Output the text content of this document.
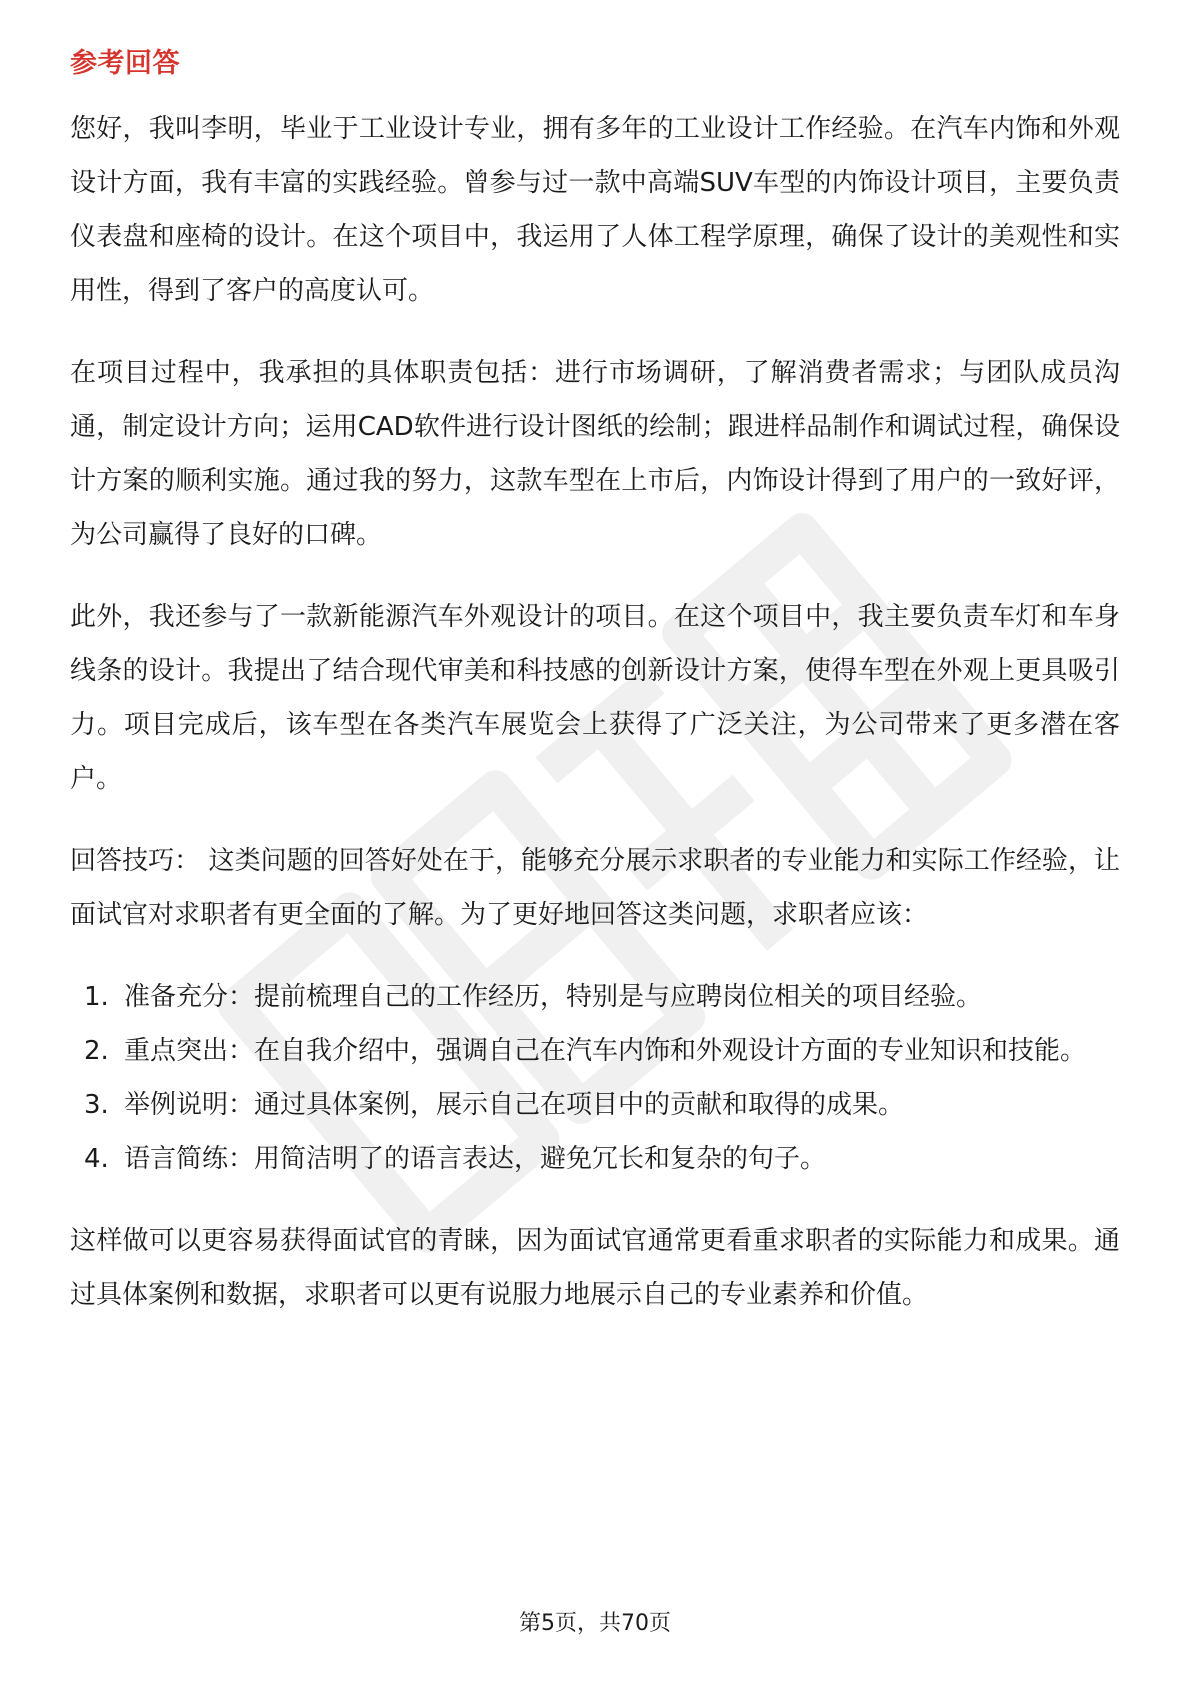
参考回答

您好，我叫李明，毕业于工业设计专业，拥有多年的工业设计工作经验。在汽车内饰和外观设计方面，我有丰富的实践经验。曾参与过一款中高端SUV车型的内饰设计项目，主要负责仪表盘和座椅的设计。在这个项目中，我运用了人体工程学原理，确保了设计的美观性和实用性，得到了客户的高度认可。

在项目过程中，我承担的具体职责包括：进行市场调研，了解消费者需求；与团队成员沟通，制定设计方向；运用CAD软件进行设计图纸的绘制；跟进样品制作和调试过程，确保设计方案的顺利实施。通过我的努力，这款车型在上市后，内饰设计得到了用户的一致好评，为公司赢得了良好的口碑。

此外，我还参与了一款新能源汽车外观设计的项目。在这个项目中，我主要负责车灯和车身线条的设计。我提出了结合现代审美和科技感的创新设计方案，使得车型在外观上更具吸引力。项目完成后，该车型在各类汽车展览会上获得了广泛关注，为公司带来了更多潜在客户。

回答技巧： 这类问题的回答好处在于，能够充分展示求职者的专业能力和实际工作经验，让面试官对求职者有更全面的了解。为了更好地回答这类问题，求职者应该：

1. 准备充分：提前梳理自己的工作经历，特别是与应聘岗位相关的项目经验。
2. 重点突出：在自我介绍中，强调自己在汽车内饰和外观设计方面的专业知识和技能。
3. 举例说明：通过具体案例，展示自己在项目中的贡献和取得的成果。
4. 语言简练：用简洁明了的语言表达，避免冗长和复杂的句子。

这样做可以更容易获得面试官的青睐，因为面试官通常更看重求职者的实际能力和成果。通过具体案例和数据，求职者可以更有说服力地展示自己的专业素养和价值。

第5页，共70页
